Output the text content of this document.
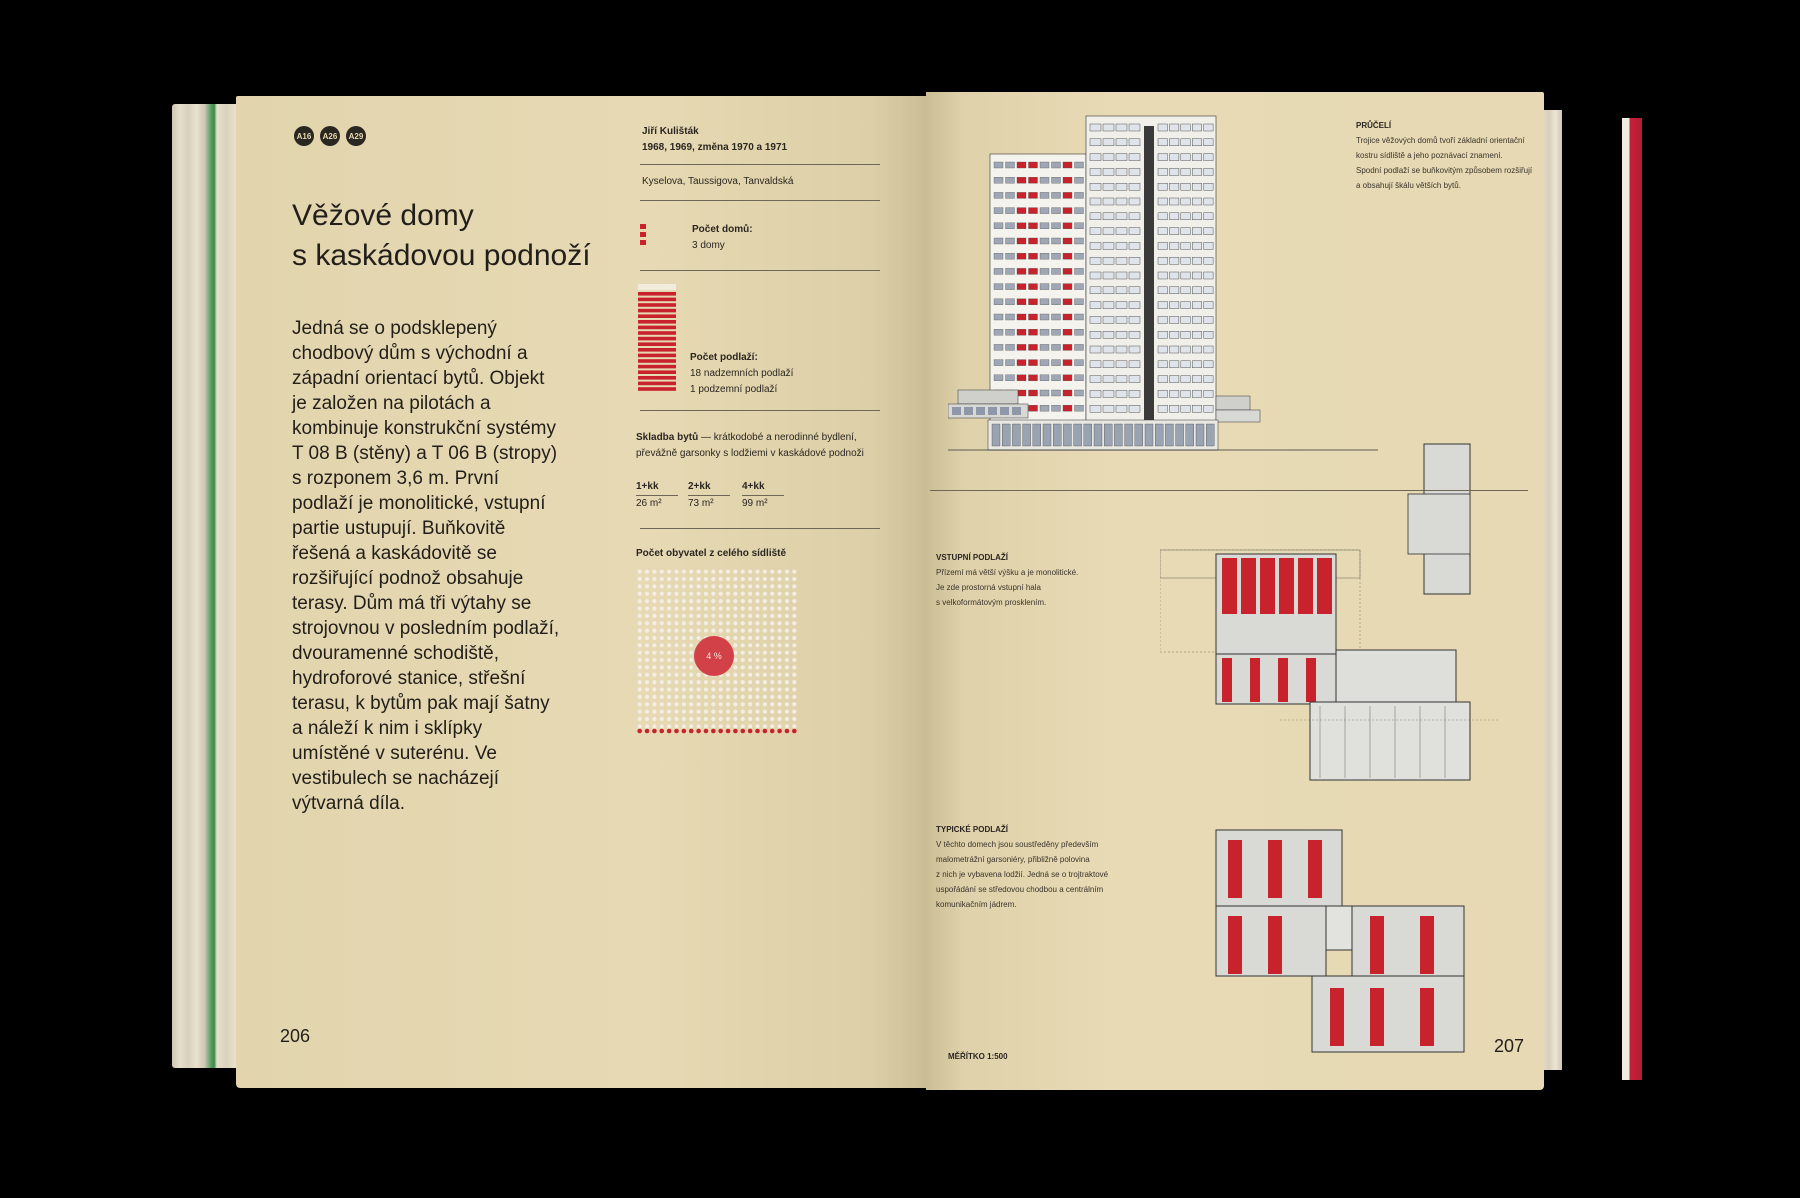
A16	A26	A29
Věžové domy
s kaskádovou podnoží
Jedná se o podsklepený chodbový dům s východní a západní orientací bytů. Objekt je založen na pilotách a kombinuje konstrukční systémy T 08 B (stěny) a T 06 B (stropy) s rozponem 3,6 m. První podlaží je monolitické, vstupní partie ustupují. Buňkovitě řešená a kaskádovitě se rozšiřující podnož obsahuje terasy. Dům má tři výtahy se strojovnou v posledním podlaží, dvouramenné schodiště, hydroforové stanice, střešní terasu, k bytům pak mají šatny a náleží k nim i sklípky umístěné v suterénu. Ve vestibulech se nacházejí výtvarná díla.
206
Jiří Kulišták
1968, 1969, změna 1970 a 1971
Kyselova, Taussigova, Tanvaldská
Počet domů:
3 domy
Počet podlaží:
18 nadzemních podlaží
1 podzemní podlaží
Skladba bytů — krátkodobé a nerodinné bydlení,
převážně garsonky s lodžiemi v kaskádové podnoži
1+kk
26 m²
2+kk
73 m²
4+kk
99 m²
Počet obyvatel z celého sídliště
4 %
PRŮČELÍ
Trojice věžových domů tvoří základní orientační
kostru sídliště a jeho poznávací znamení.
Spodní podlaží se buňkovitým způsobem rozšiřují
a obsahují škálu větších bytů.
VSTUPNÍ PODLAŽÍ
Přízemí má větší výšku a je monolitické.
Je zde prostorná vstupní hala
s velkoformátovým prosklením.
TYPICKÉ PODLAŽÍ
V těchto domech jsou soustředěny především
malometrážní garsoniéry, přibližně polovina
z nich je vybavena lodžií. Jedná se o trojtraktové
uspořádání se středovou chodbou a centrálním
komunikačním jádrem.
MĚŘÍTKO 1:500
207
